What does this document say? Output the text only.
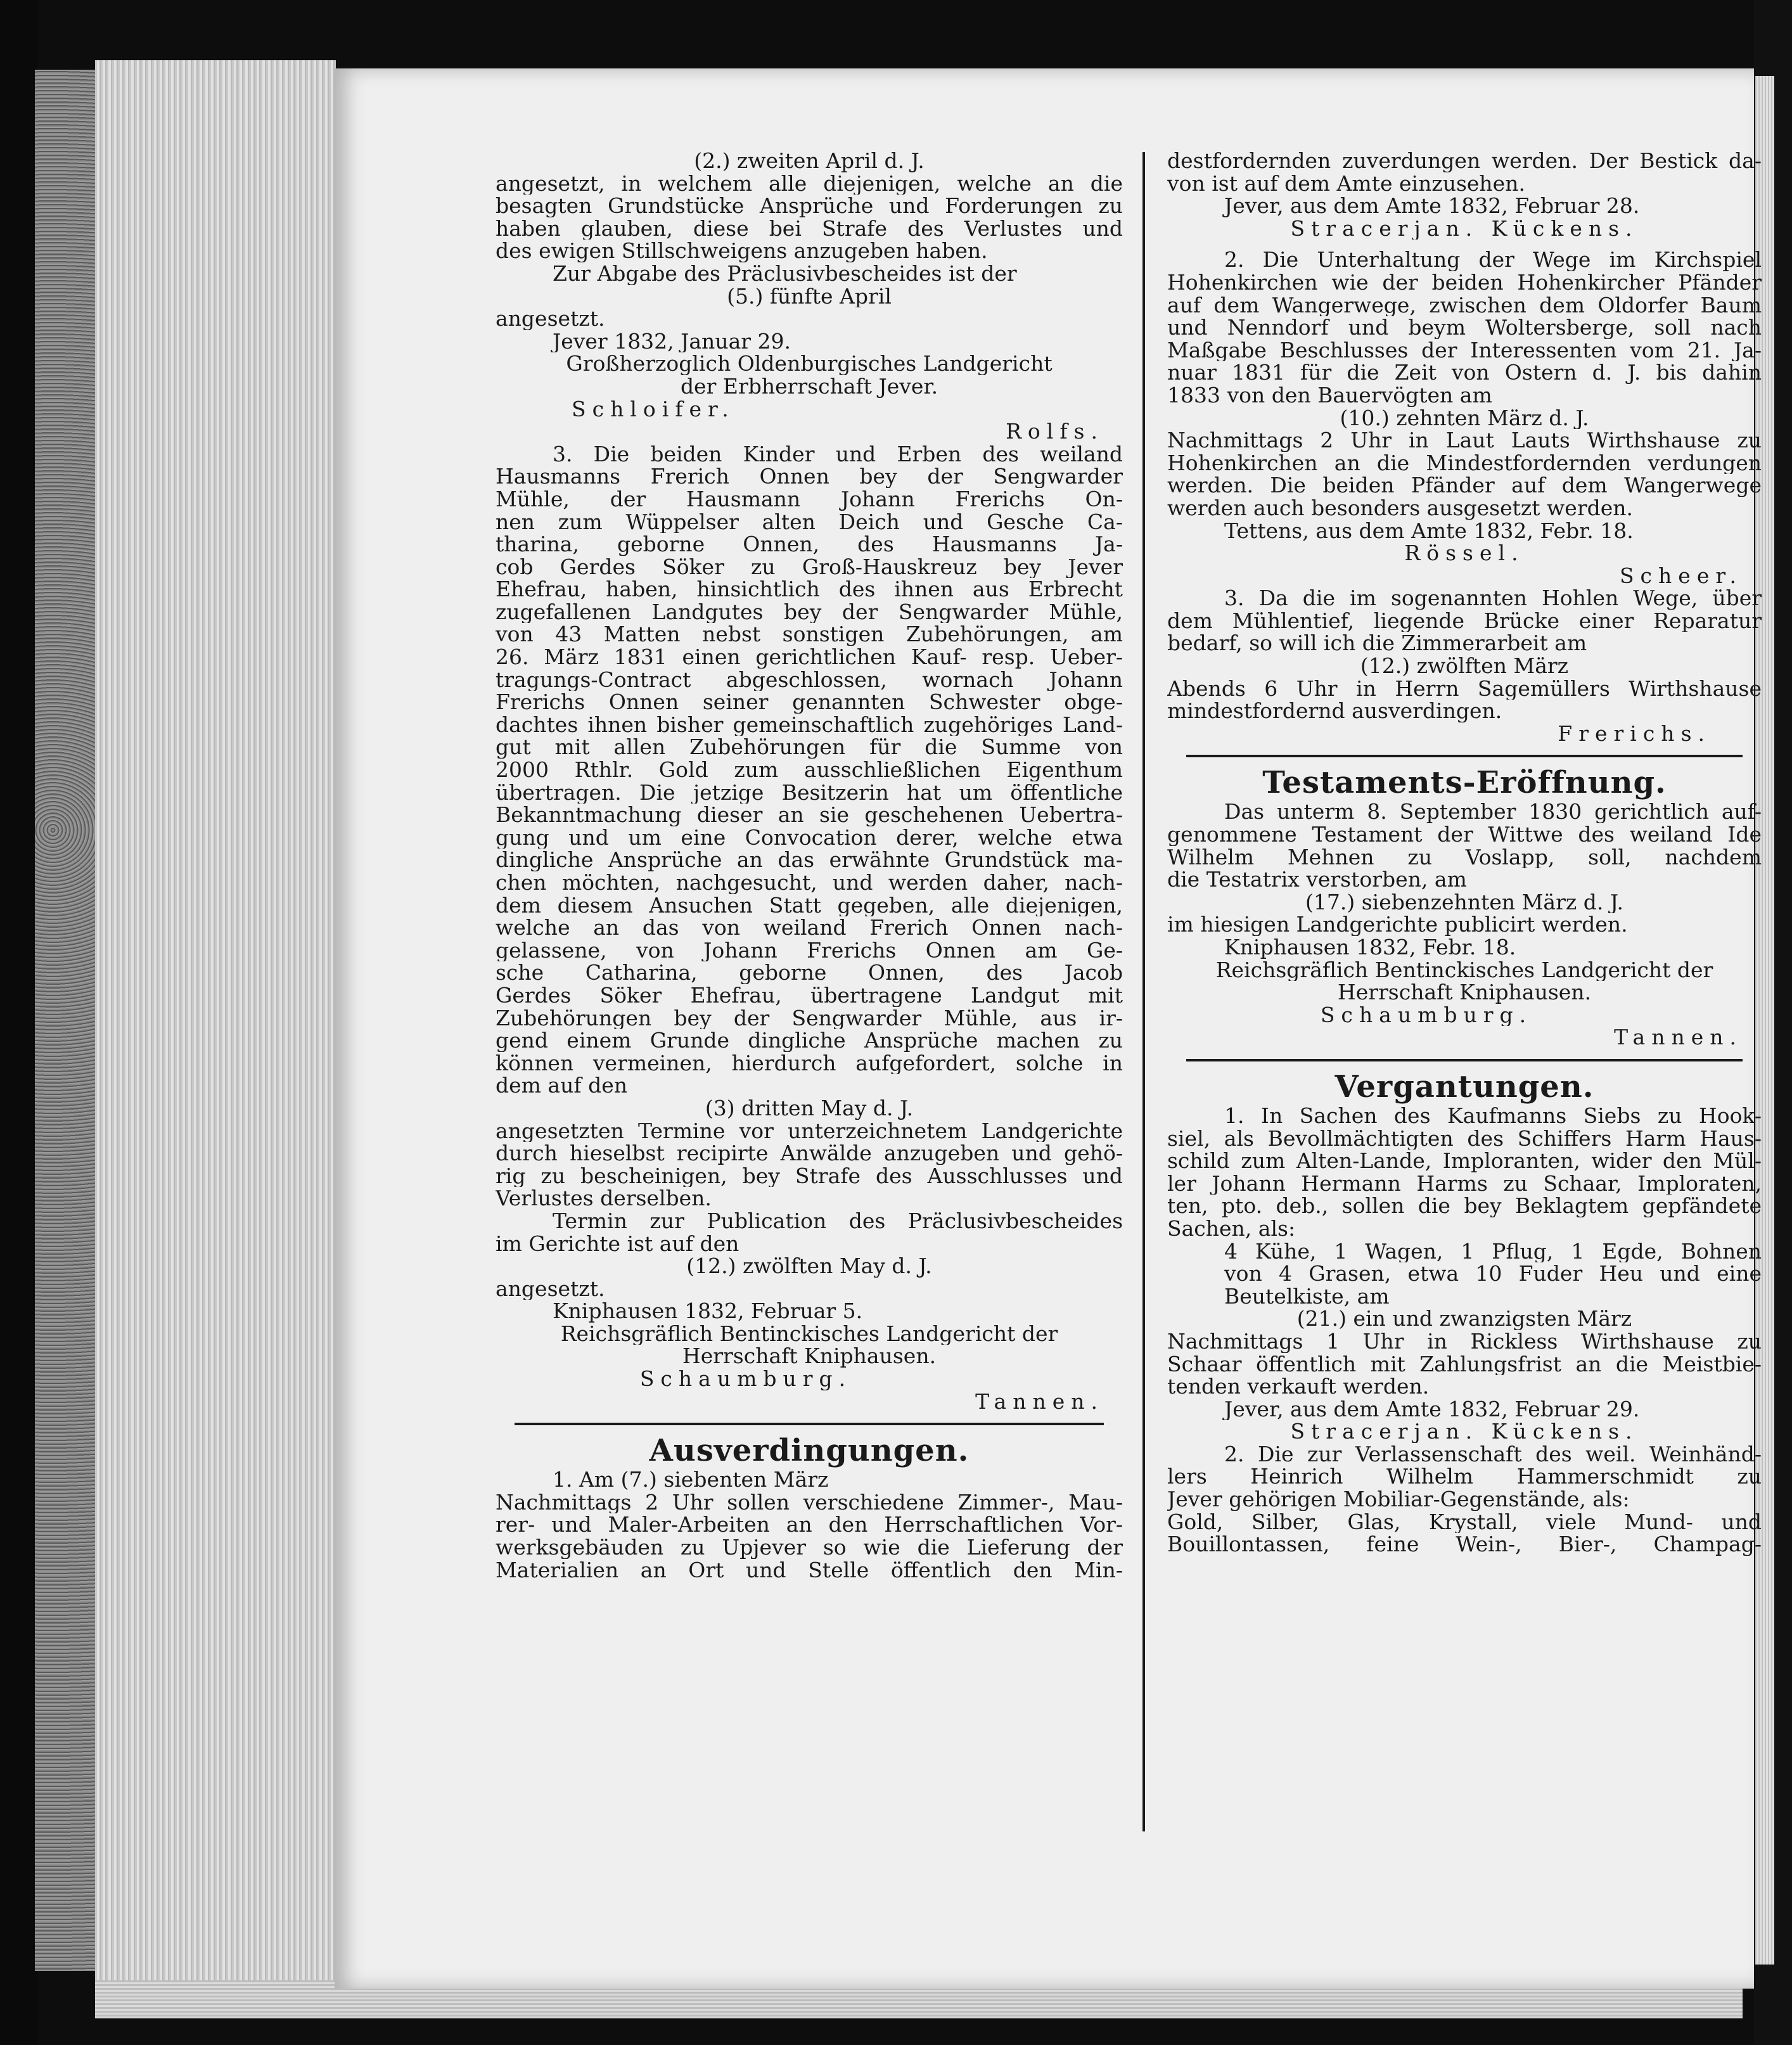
(2.) zweiten April d. J.
angesetzt, in welchem alle diejenigen, welche an die
besagten Grundstücke Ansprüche und Forderungen zu
haben glauben, diese bei Strafe des Verlustes und
des ewigen Stillschweigens anzugeben haben.
Zur Abgabe des Präclusivbescheides ist der
(5.) fünfte April
angesetzt.
Jever 1832, Januar 29.
Großherzoglich Oldenburgisches Landgericht
der Erbherrschaft Jever.
Schloifer.
Rolfs.
3. Die beiden Kinder und Erben des weiland
Hausmanns Frerich Onnen bey der Sengwarder
Mühle, der Hausmann Johann Frerichs On-
nen zum Wüppelser alten Deich und Gesche Ca-
tharina, geborne Onnen, des Hausmanns Ja-
cob Gerdes Söker zu Groß-Hauskreuz bey Jever
Ehefrau, haben, hinsichtlich des ihnen aus Erbrecht
zugefallenen Landgutes bey der Sengwarder Mühle,
von 43 Matten nebst sonstigen Zubehörungen, am
26. März 1831 einen gerichtlichen Kauf- resp. Ueber-
tragungs-Contract abgeschlossen, wornach Johann
Frerichs Onnen seiner genannten Schwester obge-
dachtes ihnen bisher gemeinschaftlich zugehöriges Land-
gut mit allen Zubehörungen für die Summe von
2000 Rthlr. Gold zum ausschließlichen Eigenthum
übertragen. Die jetzige Besitzerin hat um öffentliche
Bekanntmachung dieser an sie geschehenen Uebertra-
gung und um eine Convocation derer, welche etwa
dingliche Ansprüche an das erwähnte Grundstück ma-
chen möchten, nachgesucht, und werden daher, nach-
dem diesem Ansuchen Statt gegeben, alle diejenigen,
welche an das von weiland Frerich Onnen nach-
gelassene, von Johann Frerichs Onnen am Ge-
sche Catharina, geborne Onnen, des Jacob
Gerdes Söker Ehefrau, übertragene Landgut mit
Zubehörungen bey der Sengwarder Mühle, aus ir-
gend einem Grunde dingliche Ansprüche machen zu
können vermeinen, hierdurch aufgefordert, solche in
dem auf den
(3) dritten May d. J.
angesetzten Termine vor unterzeichnetem Landgerichte
durch hieselbst recipirte Anwälde anzugeben und gehö-
rig zu bescheinigen, bey Strafe des Ausschlusses und
Verlustes derselben.
Termin zur Publication des Präclusivbescheides
im Gerichte ist auf den
(12.) zwölften May d. J.
angesetzt.
Kniphausen 1832, Februar 5.
Reichsgräflich Bentinckisches Landgericht der
Herrschaft Kniphausen.
Schaumburg.
Tannen.
Ausverdingungen.
1. Am (7.) siebenten März
Nachmittags 2 Uhr sollen verschiedene Zimmer-, Mau-
rer- und Maler-Arbeiten an den Herrschaftlichen Vor-
werksgebäuden zu Upjever so wie die Lieferung der
Materialien an Ort und Stelle öffentlich den Min-
destfordernden zuverdungen werden. Der Bestick da-
von ist auf dem Amte einzusehen.
Jever, aus dem Amte 1832, Februar 28.
Stracerjan. Kückens.
2. Die Unterhaltung der Wege im Kirchspiel
Hohenkirchen wie der beiden Hohenkircher Pfänder
auf dem Wangerwege, zwischen dem Oldorfer Baum
und Nenndorf und beym Woltersberge, soll nach
Maßgabe Beschlusses der Interessenten vom 21. Ja-
nuar 1831 für die Zeit von Ostern d. J. bis dahin
1833 von den Bauervögten am
(10.) zehnten März d. J.
Nachmittags 2 Uhr in Laut Lauts Wirthshause zu
Hohenkirchen an die Mindestfordernden verdungen
werden. Die beiden Pfänder auf dem Wangerwege
werden auch besonders ausgesetzt werden.
Tettens, aus dem Amte 1832, Febr. 18.
Rössel.
Scheer.
3. Da die im sogenannten Hohlen Wege, über
dem Mühlentief, liegende Brücke einer Reparatur
bedarf, so will ich die Zimmerarbeit am
(12.) zwölften März
Abends 6 Uhr in Herrn Sagemüllers Wirthshause
mindestfordernd ausverdingen.
Frerichs.
Testaments-Eröffnung.
Das unterm 8. September 1830 gerichtlich auf-
genommene Testament der Wittwe des weiland Ide
Wilhelm Mehnen zu Voslapp, soll, nachdem
die Testatrix verstorben, am
(17.) siebenzehnten März d. J.
im hiesigen Landgerichte publicirt werden.
Kniphausen 1832, Febr. 18.
Reichsgräflich Bentinckisches Landgericht der
Herrschaft Kniphausen.
Schaumburg.
Tannen.
Vergantungen.
1. In Sachen des Kaufmanns Siebs zu Hook-
siel, als Bevollmächtigten des Schiffers Harm Haus-
schild zum Alten-Lande, Imploranten, wider den Mül-
ler Johann Hermann Harms zu Schaar, Imploraten,
ten, pto. deb., sollen die bey Beklagtem gepfändete
Sachen, als:
4 Kühe, 1 Wagen, 1 Pflug, 1 Egde, Bohnen
von 4 Grasen, etwa 10 Fuder Heu und eine
Beutelkiste, am
(21.) ein und zwanzigsten März
Nachmittags 1 Uhr in Rickless Wirthshause zu
Schaar öffentlich mit Zahlungsfrist an die Meistbie-
tenden verkauft werden.
Jever, aus dem Amte 1832, Februar 29.
Stracerjan. Kückens.
2. Die zur Verlassenschaft des weil. Weinhänd-
lers Heinrich Wilhelm Hammerschmidt zu
Jever gehörigen Mobiliar-Gegenstände, als:
Gold, Silber, Glas, Krystall, viele Mund- und
Bouillontassen, feine Wein-, Bier-, Champag-
